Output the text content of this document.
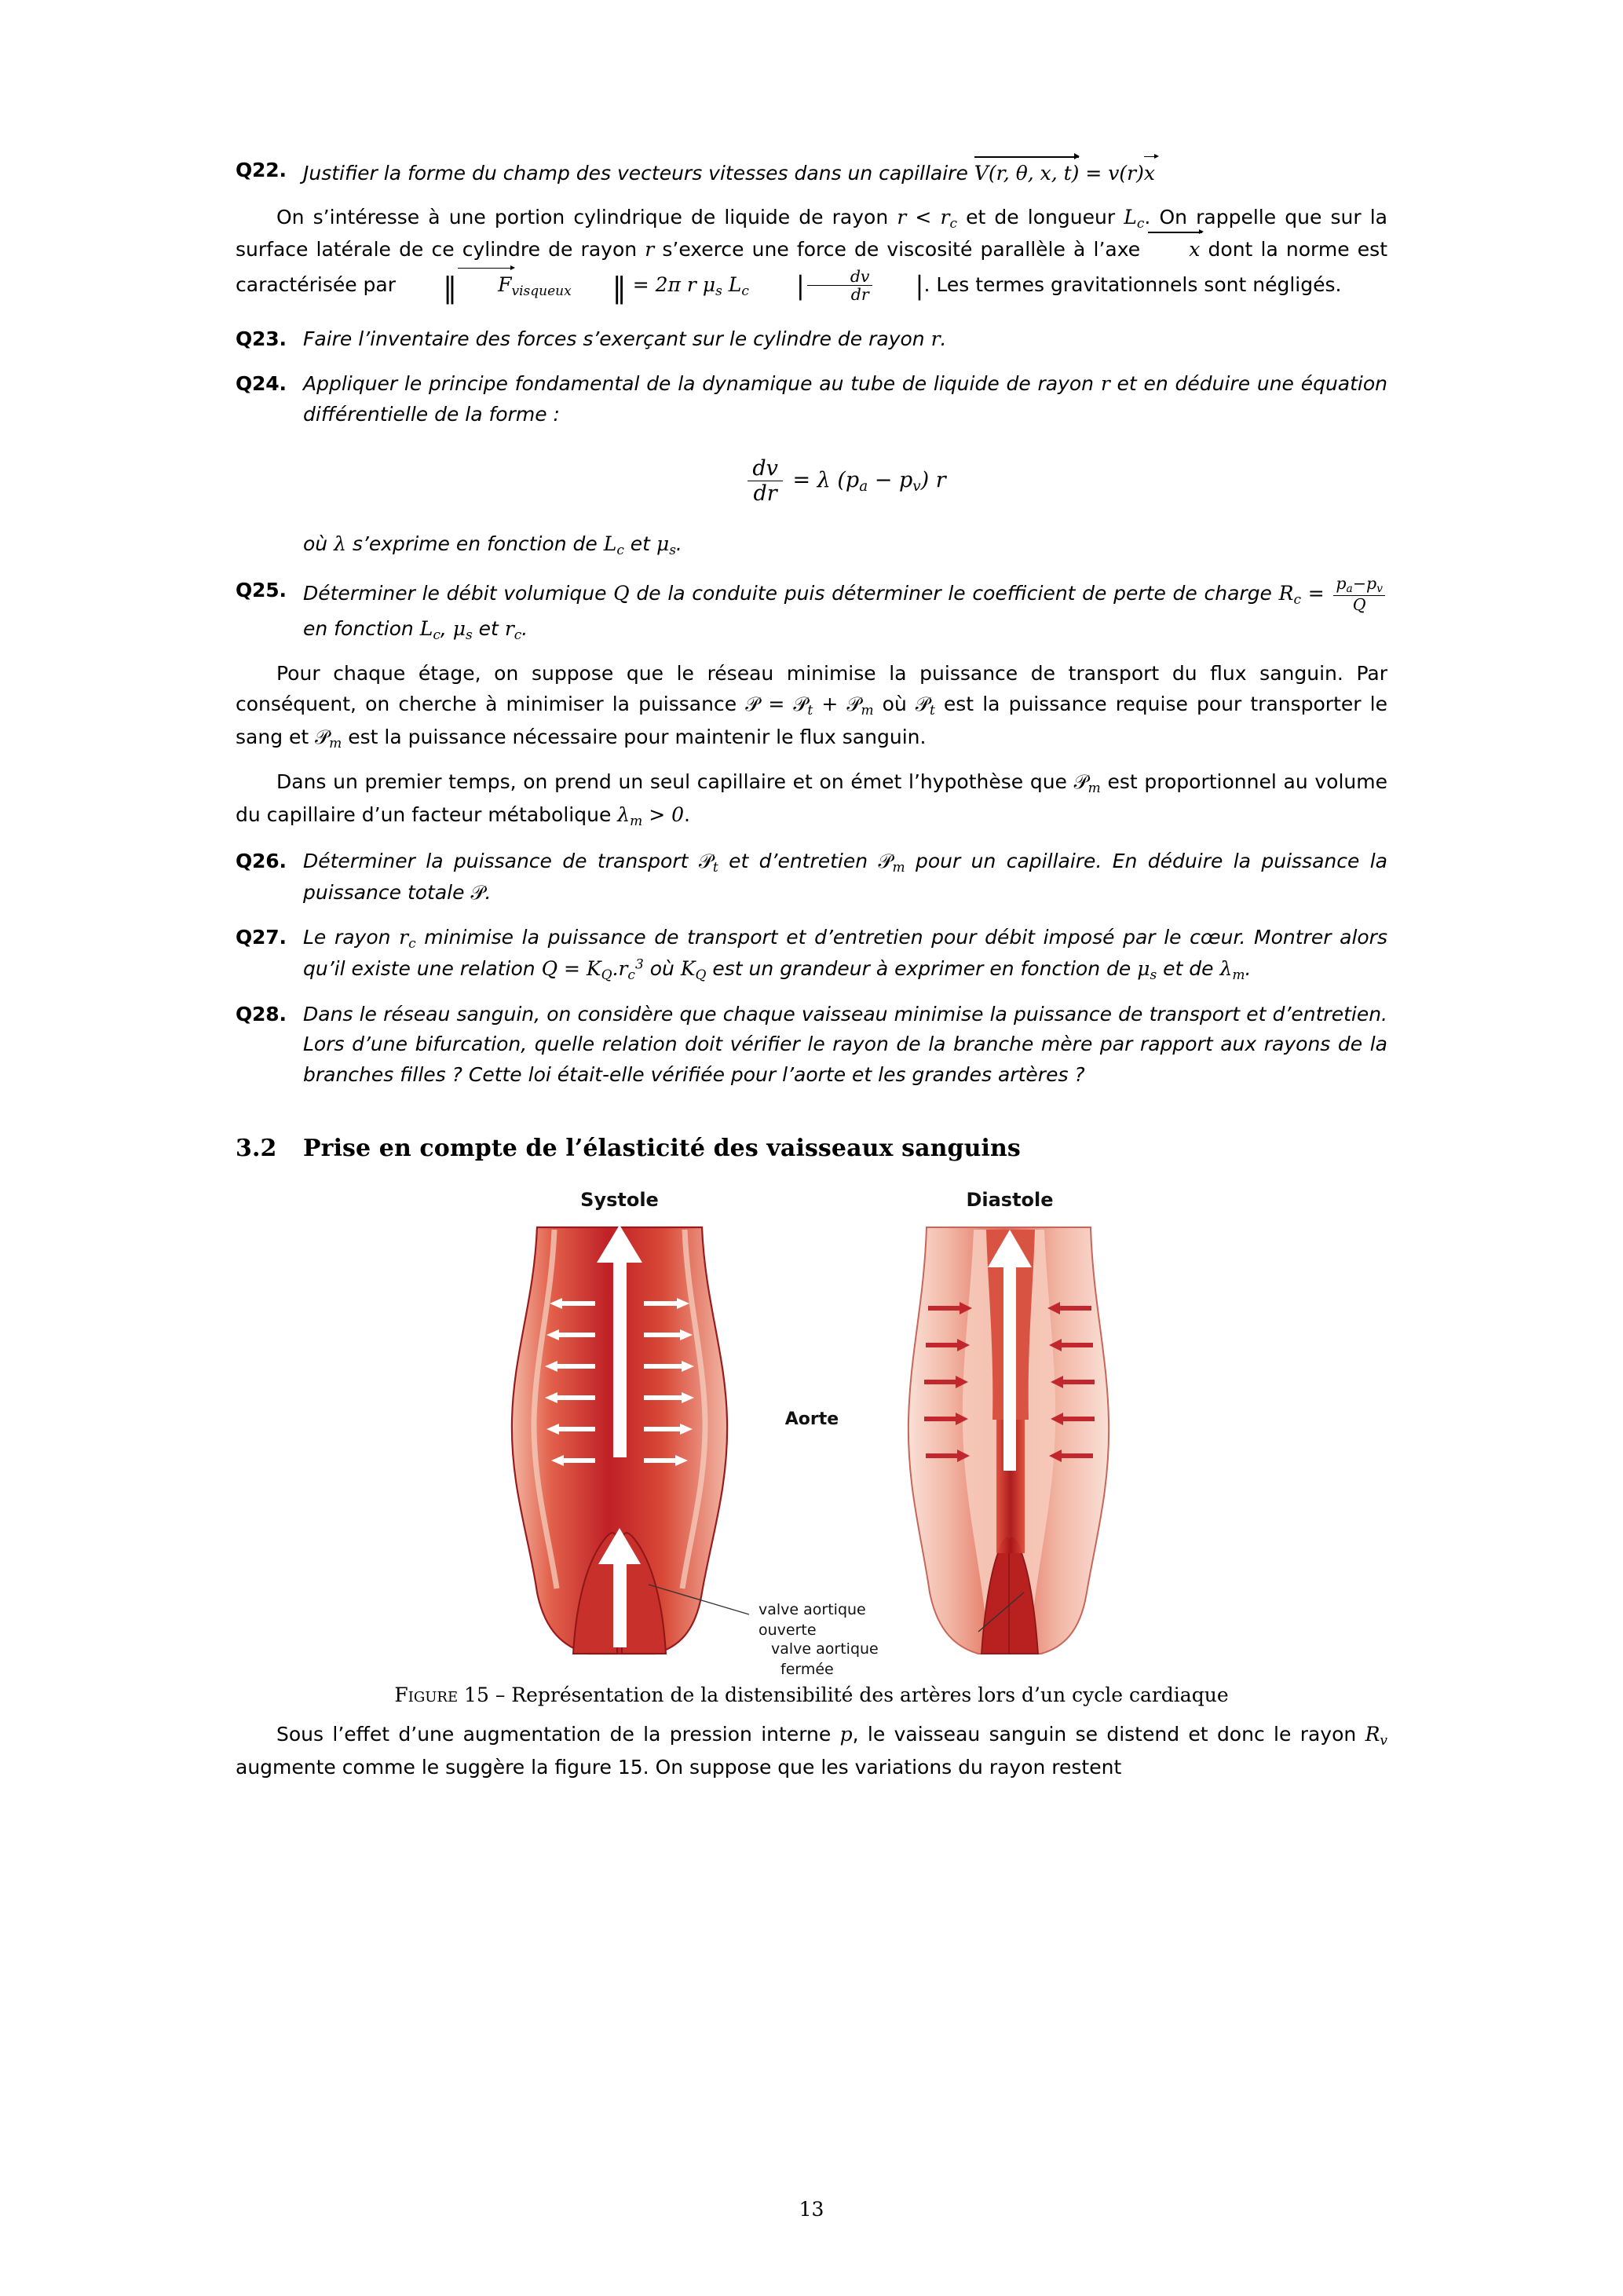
Q22. Justifier la forme du champ des vecteurs vitesses dans un capillaire V(r, θ, x, t) = v(r)x

On s’intéresse à une portion cylindrique de liquide de rayon $r < r_c$ et de longueur $L_c$. On rappelle que sur la surface latérale de ce cylindre de rayon r s’exerce une force de viscosité parallèle à l’axe x dont la norme est caractérisée par ‖ F
$_{visqueux}$ ‖ = 2π r $\mu_s$ $L_c$ | $\frac{dv}{dr}$ |. Les termes gravitationnels sont négligés.

Q23. Faire l’inventaire des forces s’exerçant sur le cylindre de rayon r.
Q24. Appliquer le principe fondamental de la dynamique au tube de liquide de rayon r et en déduire une équation différentielle de la forme :
$\frac{dv}{dr} = \lambda$ $(p_a - p_v)$ r
où λ s’exprime en fonction de $L_c$ et $\mu_s$.
Q25. Déterminer le débit volumique Q de la conduite puis déterminer le coefficient de perte de charge $R_c = \frac{p_a-p_v}{Q}$
en fonction $L_c$, $\mu_s$ et $r_c$.

Pour chaque étage, on suppose que le réseau minimise la puissance de transport du flux sanguin. Par conséquent, on cherche à minimiser la puissance 𝒫 = 𝒫$_t$ + 𝒫$_m$ où 𝒫$_t$ est la puissance requise pour transporter le sang et 𝒫$_m$ est la puissance nécessaire pour maintenir le flux sanguin.

Dans un premier temps, on prend un seul capillaire et on émet l’hypothèse que 𝒫$_m$ est proportionnel au volume du capillaire d’un facteur métabolique $\lambda_m > 0$.

Q26. Déterminer la puissance de transport 𝒫$_t$ et d’entretien 𝒫$_m$ pour un capillaire. En déduire la puissance la puissance totale 𝒫.
Q27. Le rayon $r_c$ minimise la puissance de transport et d’entretien pour débit imposé par le cœur. Montrer alors qu’il existe une relation $Q = K_Q.r_c^3$ où $K_Q$ est un grandeur à exprimer en fonction de $\mu_s$ et de $\lambda_m$.
Q28. Dans le réseau sanguin, on considère que chaque vaisseau minimise la puissance de transport et d’entretien. Lors d’une bifurcation, quelle relation doit vérifier le rayon de la branche mère par rapport aux rayons de la branches filles ? Cette loi était-elle vérifiée pour l’aorte et les grandes artères ?
3.2 Prise en compte de l’élasticité des vaisseaux sanguins
Systole	Diastole
Aorte
valve aortique
ouverte
valve aortique
fermée
Figure 15 – Représentation de la distensibilité des artères lors d’un cycle cardiaque

Sous l’effet d’une augmentation de la pression interne p, le vaisseau sanguin se distend et donc le rayon $R_v$ augmente comme le suggère la figure 15. On suppose que les variations du rayon restent

13
